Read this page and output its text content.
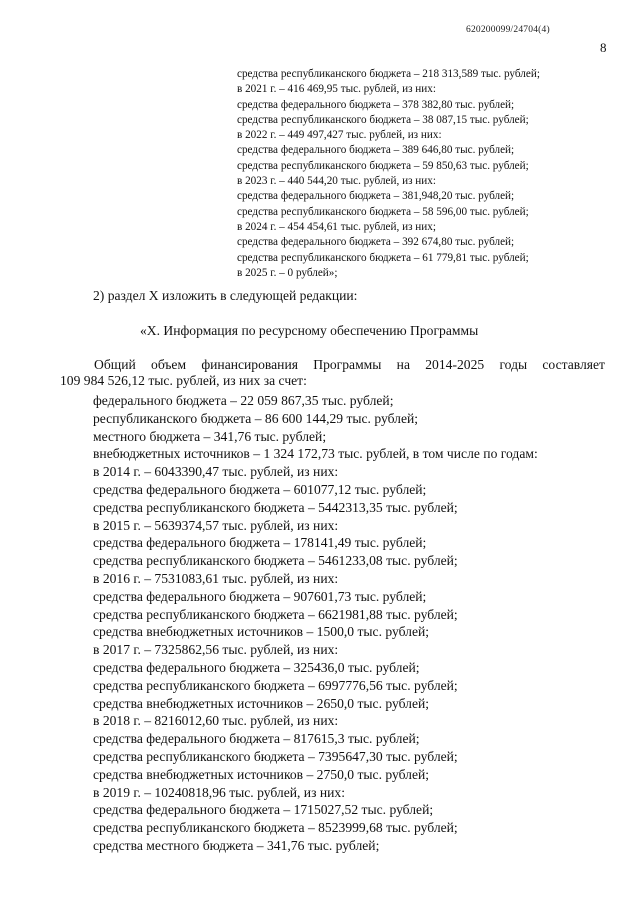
620200099/24704(4)
8
средства республиканского бюджета – 218 313,589 тыс. рублей;
в 2021 г. – 416 469,95 тыс. рублей, из них:
средства федерального бюджета – 378 382,80 тыс. рублей;
средства республиканского бюджета – 38 087,15 тыс. рублей;
в 2022 г. – 449 497,427 тыс. рублей, из них:
средства федерального бюджета – 389 646,80 тыс. рублей;
средства республиканского бюджета – 59 850,63 тыс. рублей;
в 2023 г. – 440 544,20 тыс. рублей, из них:
средства федерального бюджета – 381,948,20 тыс. рублей;
средства республиканского бюджета – 58 596,00 тыс. рублей;
в 2024 г. – 454 454,61 тыс. рублей, из них;
средства федерального бюджета – 392 674,80 тыс. рублей;
средства республиканского бюджета – 61 779,81 тыс. рублей;
в 2025 г. – 0 рублей»;
2) раздел X изложить в следующей редакции:
«X. Информация по ресурсному обеспечению Программы
Общий объем финансирования Программы на 2014-2025 годы составляет
109 984 526,12 тыс. рублей, из них за счет:
федерального бюджета – 22 059 867,35 тыс. рублей;
республиканского бюджета – 86 600 144,29 тыс. рублей;
местного бюджета – 341,76 тыс. рублей;
внебюджетных источников – 1 324 172,73 тыс. рублей, в том числе по годам:
в 2014 г. – 6043390,47 тыс. рублей, из них:
средства федерального бюджета – 601077,12 тыс. рублей;
средства республиканского бюджета – 5442313,35 тыс. рублей;
в 2015 г. – 5639374,57 тыс. рублей, из них:
средства федерального бюджета – 178141,49 тыс. рублей;
средства республиканского бюджета – 5461233,08 тыс. рублей;
в 2016 г. – 7531083,61 тыс. рублей, из них:
средства федерального бюджета – 907601,73 тыс. рублей;
средства республиканского бюджета – 6621981,88 тыс. рублей;
средства внебюджетных источников – 1500,0 тыс. рублей;
в 2017 г. – 7325862,56 тыс. рублей, из них:
средства федерального бюджета – 325436,0 тыс. рублей;
средства республиканского бюджета – 6997776,56 тыс. рублей;
средства внебюджетных источников – 2650,0 тыс. рублей;
в 2018 г. – 8216012,60 тыс. рублей, из них:
средства федерального бюджета – 817615,3 тыс. рублей;
средства республиканского бюджета – 7395647,30 тыс. рублей;
средства внебюджетных источников – 2750,0 тыс. рублей;
в 2019 г. – 10240818,96 тыс. рублей, из них:
средства федерального бюджета – 1715027,52 тыс. рублей;
средства республиканского бюджета – 8523999,68 тыс. рублей;
средства местного бюджета – 341,76 тыс. рублей;
